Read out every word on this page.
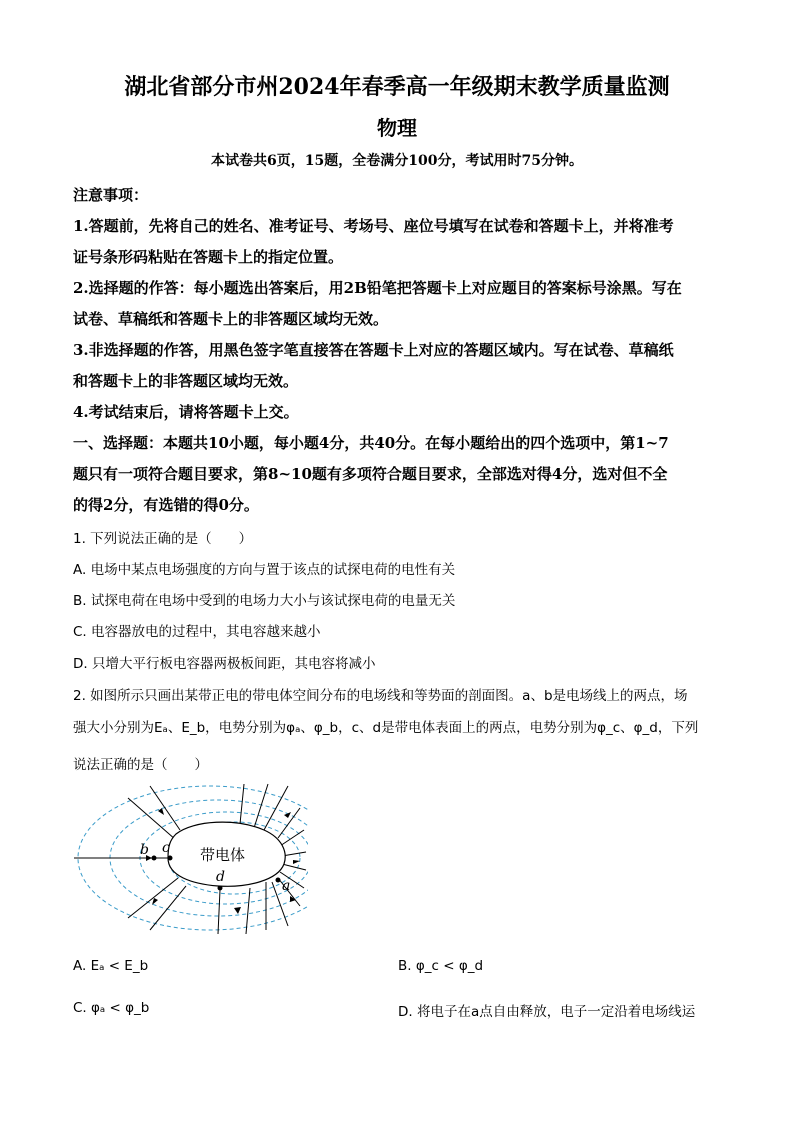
湖北省部分市州2024年春季高一年级期末教学质量监测
物理
本试卷共6页，15题，全卷满分100分，考试用时75分钟。
注意事项：
1.答题前，先将自己的姓名、准考证号、考场号、座位号填写在试卷和答题卡上，并将准考
证号条形码粘贴在答题卡上的指定位置。
2.选择题的作答：每小题选出答案后，用2B铅笔把答题卡上对应题目的答案标号涂黑。写在
试卷、草稿纸和答题卡上的非答题区域均无效。
3.非选择题的作答，用黑色签字笔直接答在答题卡上对应的答题区域内。写在试卷、草稿纸
和答题卡上的非答题区域均无效。
4.考试结束后，请将答题卡上交。
一、选择题：本题共10小题，每小题4分，共40分。在每小题给出的四个选项中，第1~7
题只有一项符合题目要求，第8~10题有多项符合题目要求，全部选对得4分，选对但不全
的得2分，有选错的得0分。
1. 下列说法正确的是（　　）
A. 电场中某点电场强度的方向与置于该点的试探电荷的电性有关
B. 试探电荷在电场中受到的电场力大小与该试探电荷的电量无关
C. 电容器放电的过程中，其电容越来越小
D. 只增大平行板电容器两极板间距，其电容将减小
2. 如图所示只画出某带正电的带电体空间分布的电场线和等势面的剖面图。a、b是电场线上的两点，场
强大小分别为Eₐ、E_b，电势分别为φₐ、φ_b，c、d是带电体表面上的两点，电势分别为φ_c、φ_d，下列
说法正确的是（　　）
带电体
b c
d
a
A. Eₐ < E_b	B. φ_c < φ_d
C. φₐ < φ_b	D. 将电子在a点自由释放，电子一定沿着电场线运
